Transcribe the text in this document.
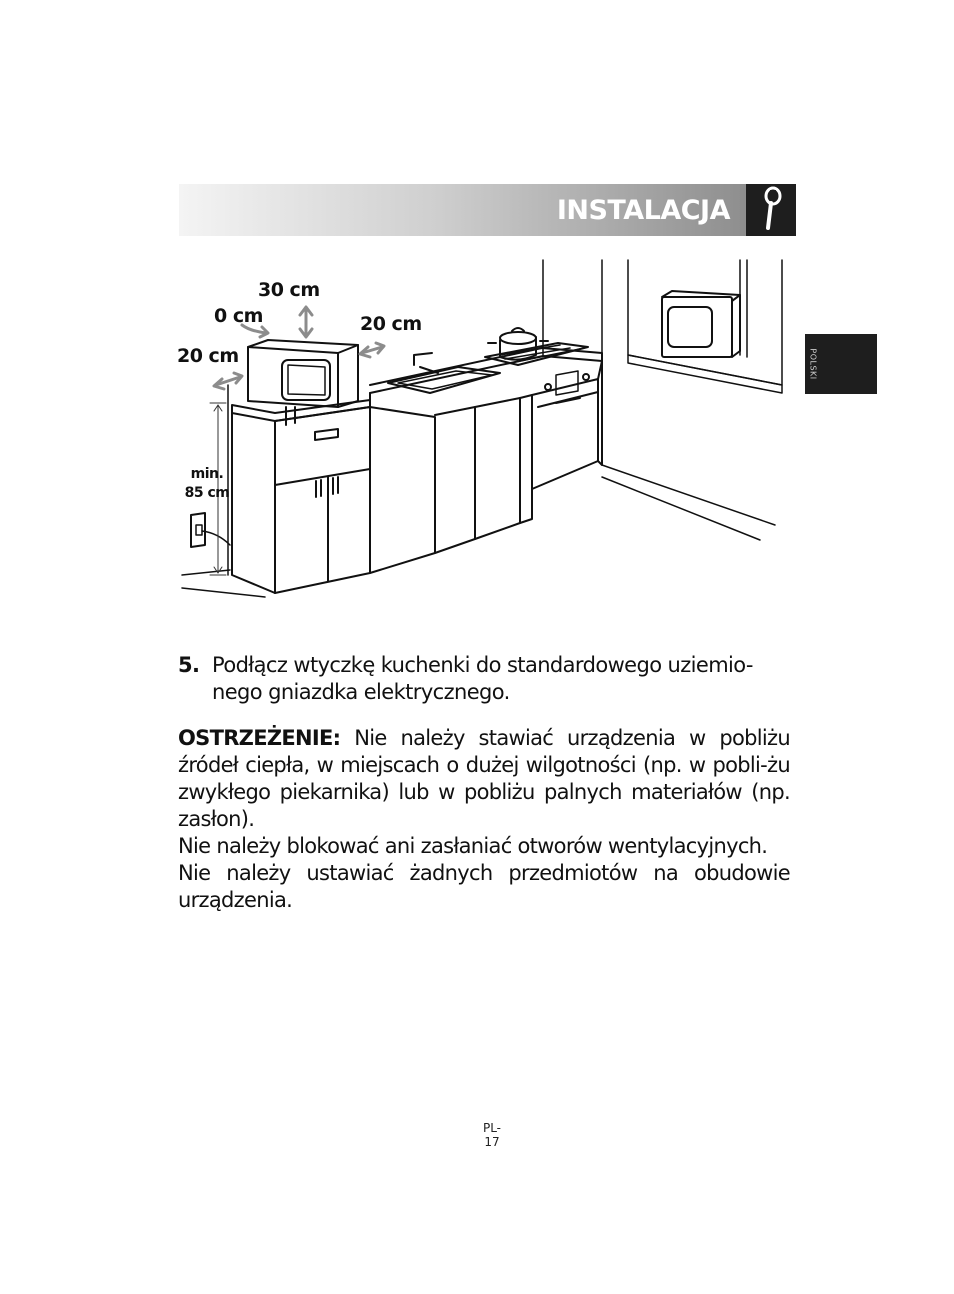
INSTALACJA
POLSKI
30 cm
0 cm	20 cm
20 cm
min.
85 cm
5. Podłącz wtyczkę kuchenki do standardowego uziemio-nego gniazdka elektrycznego.

OSTRZEŻENIE: Nie należy stawiać urządzenia w pobliżu źródeł ciepła, w miejscach o dużej wilgotności (np. w pobli-żu zwykłego piekarnika) lub w pobliżu palnych materiałów (np. zasłon).

Nie należy blokować ani zasłaniać otworów wentylacyjnych.

Nie należy ustawiać żadnych przedmiotów na obudowie urządzenia.

PL-17
